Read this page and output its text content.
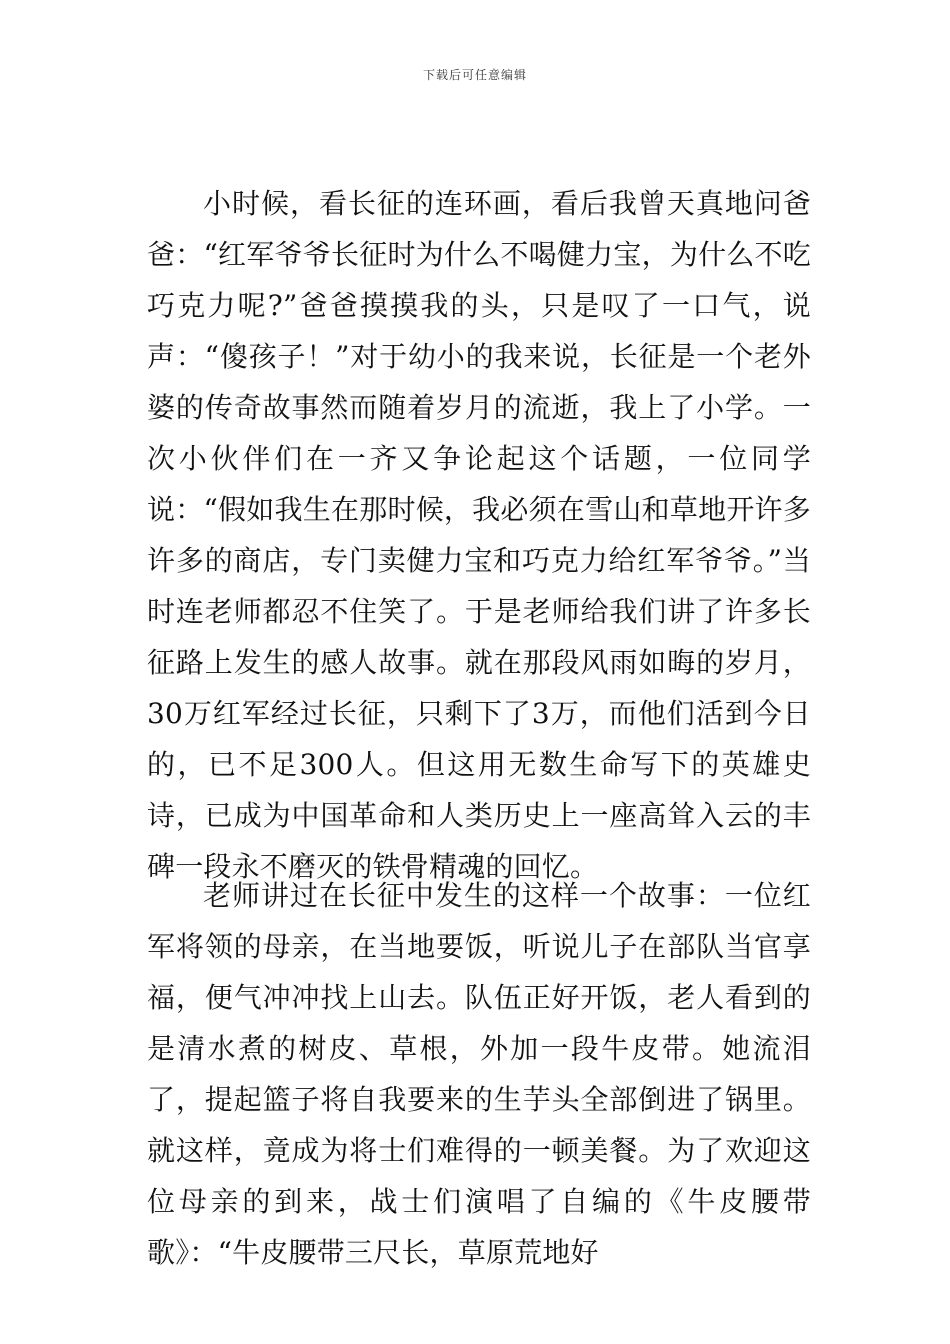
下载后可任意编辑

小时候，看长征的连环画，看后我曾天真地问爸爸：“红军爷爷长征时为什么不喝健力宝，为什么不吃巧克力呢?”爸爸摸摸我的头，只是叹了一口气，说声：“傻孩子！”对于幼小的我来说，长征是一个老外婆的传奇故事然而随着岁月的流逝，我上了小学。一次小伙伴们在一齐又争论起这个话题，一位同学说：“假如我生在那时候，我必须在雪山和草地开许多许多的商店，专门卖健力宝和巧克力给红军爷爷。”当时连老师都忍不住笑了。于是老师给我们讲了许多长征路上发生的感人故事。就在那段风雨如晦的岁月，30万红军经过长征，只剩下了3万，而他们活到今日的，已不足300人。但这用无数生命写下的英雄史诗，已成为中国革命和人类历史上一座高耸入云的丰碑一段永不磨灭的铁骨精魂的回忆。

老师讲过在长征中发生的这样一个故事：一位红军将领的母亲，在当地要饭，听说儿子在部队当官享福，便气冲冲找上山去。队伍正好开饭，老人看到的是清水煮的树皮、草根，外加一段牛皮带。她流泪了，提起篮子将自我要来的生芋头全部倒进了锅里。就这样，竟成为将士们难得的一顿美餐。为了欢迎这位母亲的到来，战士们演唱了自编的《牛皮腰带歌》：“牛皮腰带三尺长，草原荒地好
